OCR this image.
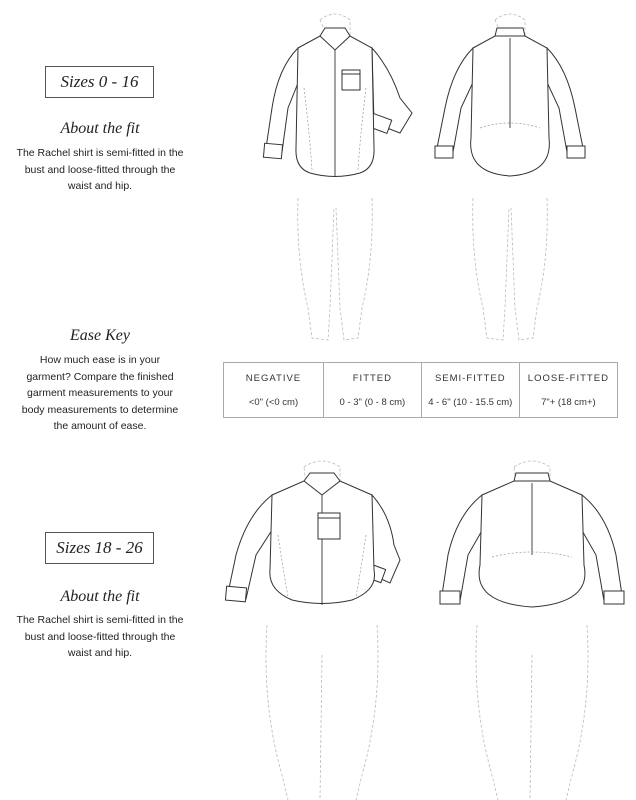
Sizes 0 - 16
About the fit
The Rachel shirt is semi-fitted in the
bust and loose-fitted through the
waist and hip.
Ease Key
How much ease is in your
garment? Compare the finished
garment measurements to your
body measurements to determine
the amount of ease.
NEGATIVE	FITTED	SEMI-FITTED	LOOSE-FITTED
<0" (<0 cm)	0 - 3" (0 - 8 cm)	4 - 6" (10 - 15.5 cm)	7"+ (18 cm+)
Sizes 18 - 26
About the fit
The Rachel shirt is semi-fitted in the
bust and loose-fitted through the
waist and hip.
